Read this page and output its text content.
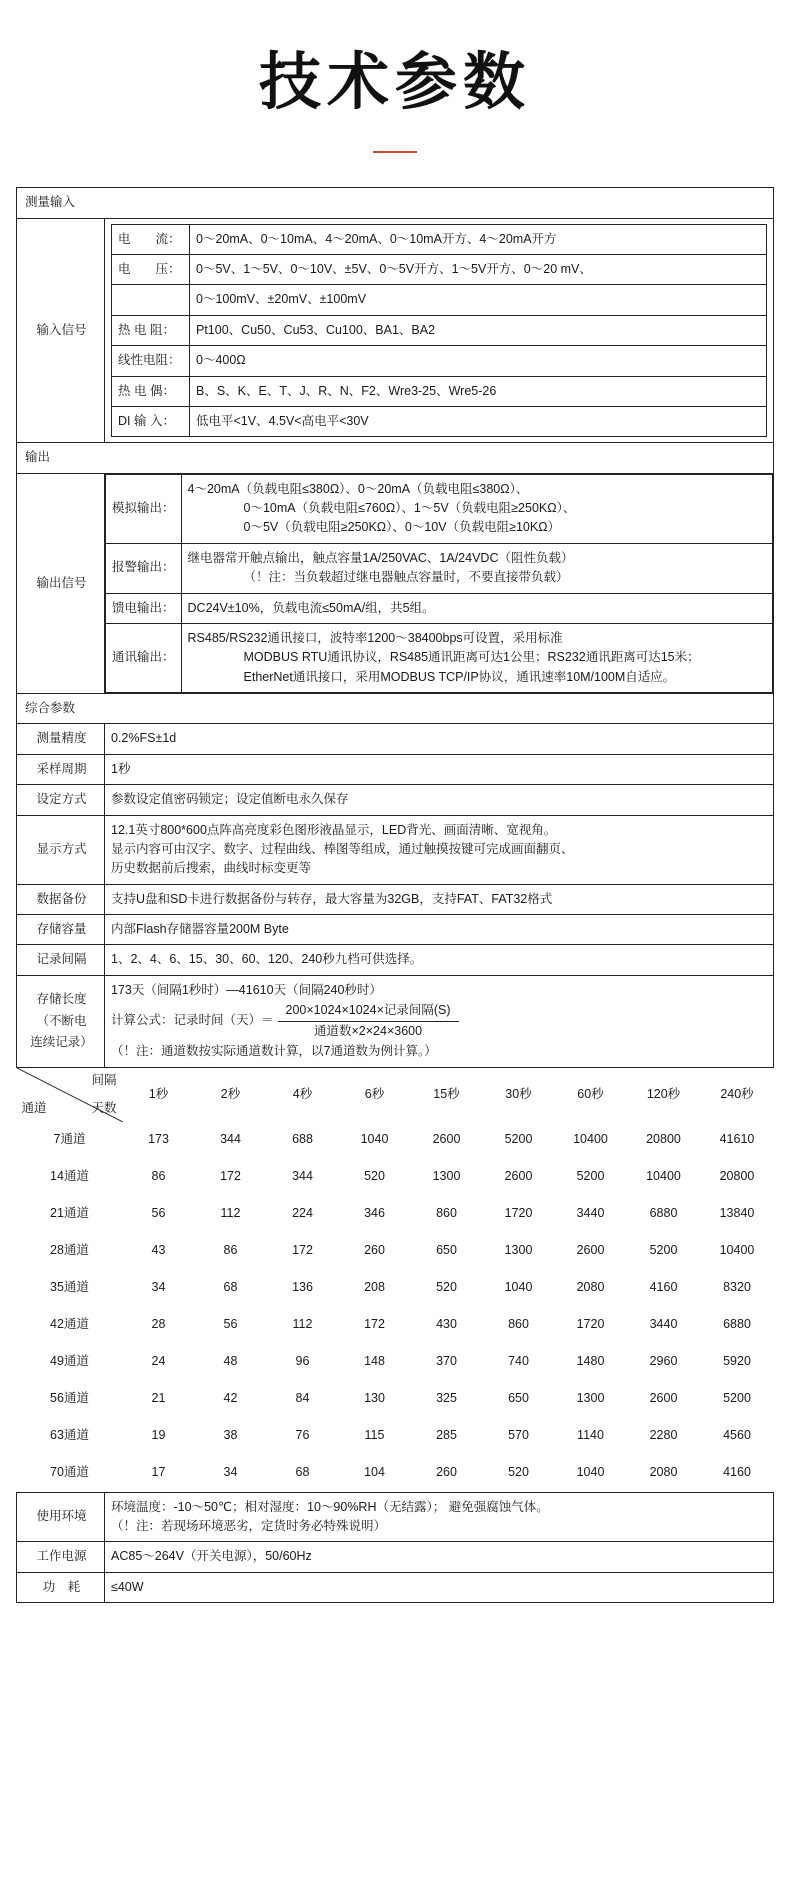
技术参数
测量输入
输入信号	
电　　流：	0～20mA、0～10mA、4～20mA、0～10mA开方、4～20mA开方
电　　压：	0～5V、1～5V、0～10V、±5V、0～5V开方、1～5V开方、0～20 mV、
	0～100mV、±20mV、±100mV
热 电 阻：	Pt100、Cu50、Cu53、Cu100、BA1、BA2
线性电阻：	0～400Ω
热 电 偶：	B、S、K、E、T、J、R、N、F2、Wre3-25、Wre5-26
DI 输 入：	低电平<1V、4.5V<高电平<30V

输出
输出信号	
模拟输出：	
4～20mA（负载电阻≤380Ω）、0～20mA（负载电阻≤380Ω）、
0～10mA（负载电阻≤760Ω）、1～5V（负载电阻≥250KΩ）、
0～5V（负载电阻≥250KΩ）、0～10V（负载电阻≥10KΩ）

报警输出：	
继电器常开触点输出，触点容量1A/250VAC、1A/24VDC（阻性负载）
（！注：当负载超过继电器触点容量时，不要直接带负载）

馈电输出：	DC24V±10%，负载电流≤50mA/组，共5组。
通讯输出：	
RS485/RS232通讯接口，波特率1200～38400bps可设置，采用标准
MODBUS RTU通讯协议，RS485通讯距离可达1公里；RS232通讯距离可达15米；
EtherNet通讯接口，采用MODBUS TCP/IP协议，通讯速率10M/100M自适应。

综合参数
测量精度	0.2%FS±1d
采样周期	1秒
设定方式	参数设定值密码锁定；设定值断电永久保存
显示方式	
12.1英寸800*600点阵高亮度彩色图形液晶显示，LED背光、画面清晰、宽视角。
显示内容可由汉字、数字、过程曲线、棒图等组成，通过触摸按键可完成画面翻页、
历史数据前后搜索，曲线时标变更等

数据备份	支持U盘和SD卡进行数据备份与转存，最大容量为32GB，支持FAT、FAT32格式
存储容量	内部Flash存储器容量200M Byte
记录间隔	1、2、4、6、15、30、60、120、240秒九档可供选择。

存储长度
（不断电
连续记录）

173天（间隔1秒时）—41610天（间隔240秒时）
计算公式：记录时间（天）＝ $\frac{\text{200×1024×1024×记录间隔(S)}}{\text{通道数×2×24×3600}}$
（！注：通道数按实际通道数计算，以7通道数为例计算。）

间隔
通道	天数
	1秒	2秒	4秒	6秒	15秒	30秒	60秒	120秒	240秒
7通道	173	344	688	1040	2600	5200	10400	20800	41610
14通道	86	172	344	520	1300	2600	5200	10400	20800
21通道	56	112	224	346	860	1720	3440	6880	13840
28通道	43	86	172	260	650	1300	2600	5200	10400
35通道	34	68	136	208	520	1040	2080	4160	8320
42通道	28	56	112	172	430	860	1720	3440	6880
49通道	24	48	96	148	370	740	1480	2960	5920
56通道	21	42	84	130	325	650	1300	2600	5200
63通道	19	38	76	115	285	570	1140	2280	4560
70通道	17	34	68	104	260	520	1040	2080	4160

使用环境	
环境温度：-10～50℃；相对湿度：10～90%RH（无结露）； 避免强腐蚀气体。
（！注：若现场环境恶劣，定货时务必特殊说明）

工作电源	AC85～264V（开关电源），50/60Hz
功　耗	≤40W
